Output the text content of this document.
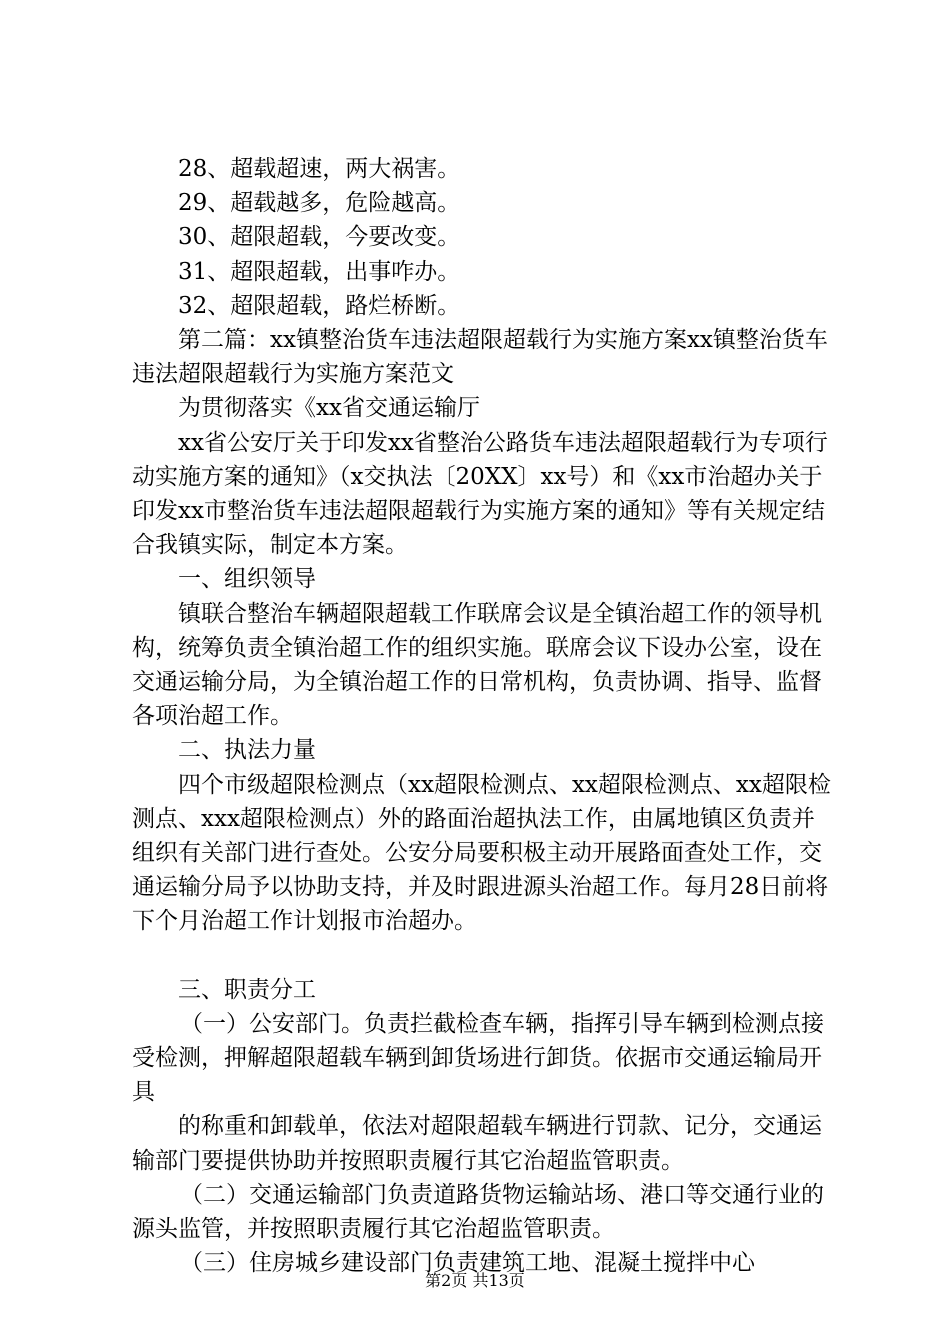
28、超载超速，两大祸害。

29、超载越多，危险越高。

30、超限超载，今要改变。

31、超限超载，出事咋办。

32、超限超载，路烂桥断。

第二篇：xx镇整治货车违法超限超载行为实施方案xx镇整治货车违法超限超载行为实施方案范文

为贯彻落实《xx省交通运输厅

xx省公安厅关于印发xx省整治公路货车违法超限超载行为专项行动实施方案的通知》（x交执法〔20XX〕xx号）和《xx市治超办关于印发xx市整治货车违法超限超载行为实施方案的通知》等有关规定结合我镇实际，制定本方案。

一、组织领导

镇联合整治车辆超限超载工作联席会议是全镇治超工作的领导机构，统筹负责全镇治超工作的组织实施。联席会议下设办公室，设在交通运输分局，为全镇治超工作的日常机构，负责协调、指导、监督各项治超工作。

二、执法力量

四个市级超限检测点（xx超限检测点、xx超限检测点、xx超限检测点、xxx超限检测点）外的路面治超执法工作，由属地镇区负责并组织有关部门进行查处。公安分局要积极主动开展路面查处工作，交通运输分局予以协助支持，并及时跟进源头治超工作。每月28日前将下个月治超工作计划报市治超办。

三、职责分工

（一）公安部门。负责拦截检查车辆，指挥引导车辆到检测点接受检测，押解超限超载车辆到卸货场进行卸货。依据市交通运输局开具

的称重和卸载单，依法对超限超载车辆进行罚款、记分，交通运输部门要提供协助并按照职责履行其它治超监管职责。

（二）交通运输部门负责道路货物运输站场、港口等交通行业的源头监管，并按照职责履行其它治超监管职责。

（三）住房城乡建设部门负责建筑工地、混凝土搅拌中心

第2页 共13页
